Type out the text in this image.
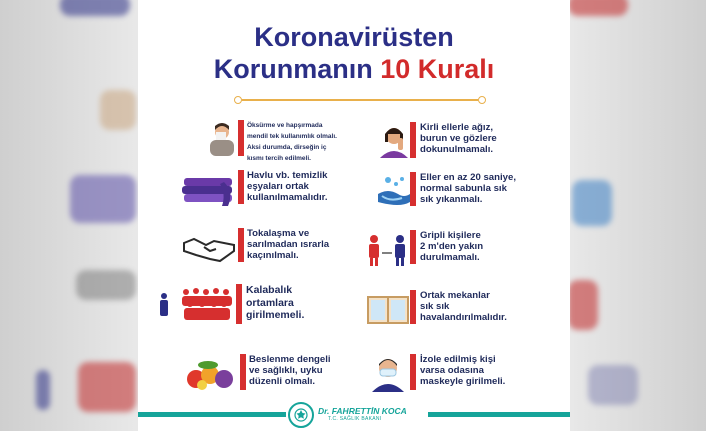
Koronavirüsten
Korunmanın 10 Kuralı
Öksürme ve hapşırmada
mendil tek kullanımlık olmalı.
Aksi durumda, dirseğin iç
kısmı tercih edilmeli.
Kirli ellerle ağız,
burun ve gözlere
dokunulmamalı.
Havlu vb. temizlik
eşyaları ortak
kullanılmamalıdır.
Eller en az 20 saniye,
normal sabunla sık
sık yıkanmalı.
Tokalaşma ve
sarılmadan ısrarla
kaçınılmalı.
Gripli kişilere
2 m'den yakın
durulmamalı.
Kalabalık
ortamlara
girilmemeli.
Ortak mekanlar
sık sık
havalandırılmalıdır.
Beslenme dengeli
ve sağlıklı, uyku
düzenli olmalı.
İzole edilmiş kişi
varsa odasına
maskeyle girilmeli.
Dr. FAHRETTİN KOCA
T.C. SAĞLIK BAKANI
